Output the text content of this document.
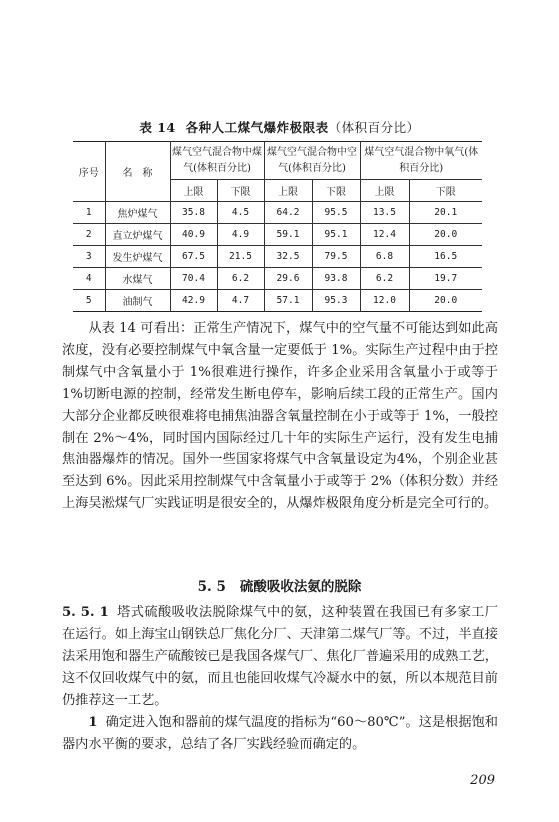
表 14 各种人工煤气爆炸极限表（体积百分比）
序号	名　称	煤气空气混合物中煤气(体积百分比)		煤气空气混合物中空气(体积百分比)		煤气空气混合物中氧气(体积百分比)	
		上限	下限	上限	下限	上限	下限
1	焦炉煤气	35.8	4.5	64.2	95.5	13.5	20.1
2	直立炉煤气	40.9	4.9	59.1	95.1	12.4	20.0
3	发生炉煤气	67.5	21.5	32.5	79.5	6.8	16.5
4	水煤气	70.4	6.2	29.6	93.8	6.2	19.7
5	油制气	42.9	4.7	57.1	95.3	12.0	20.0
从表 14 可看出：正常生产情况下，煤气中的空气量不可能达到如此高浓度，没有必要控制煤气中氧含量一定要低于 1%。实际生产过程中由于控制煤气中含氧量小于 1%很难进行操作，许多企业采用含氧量小于或等于 1%切断电源的控制，经常发生断电停车，影响后续工段的正常生产。国内大部分企业都反映很难将电捕焦油器含氧量控制在小于或等于 1%，一般控制在 2%～4%，同时国内国际经过几十年的实际生产运行，没有发生电捕焦油器爆炸的情况。国外一些国家将煤气中含氧量设定为4%，个别企业甚至达到 6%。因此采用控制煤气中含氧量小于或等于 2%（体积分数）并经上海吴淞煤气厂实践证明是很安全的，从爆炸极限角度分析是完全可行的。
5. 5 硫酸吸收法氨的脱除
5. 5. 1 塔式硫酸吸收法脱除煤气中的氨，这种装置在我国已有多家工厂在运行。如上海宝山钢铁总厂焦化分厂、天津第二煤气厂等。不过，半直接法采用饱和器生产硫酸铵已是我国各煤气厂、焦化厂普遍采用的成熟工艺，这不仅回收煤气中的氨，而且也能回收煤气冷凝水中的氨，所以本规范目前仍推荐这一工艺。
1 确定进入饱和器前的煤气温度的指标为“60～80℃”。这是根据饱和器内水平衡的要求，总结了各厂实践经验而确定的。
209
